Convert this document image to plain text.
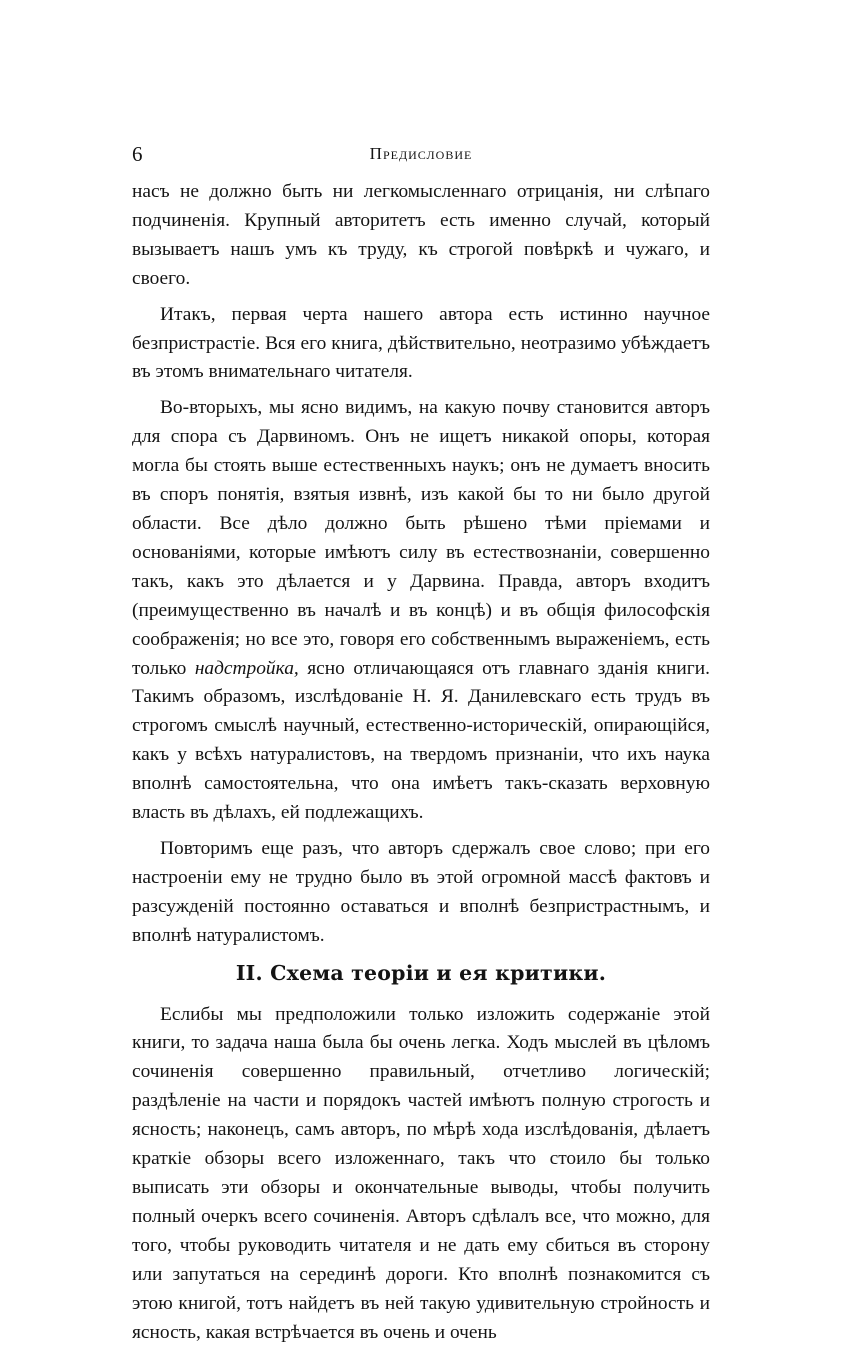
6	Предисловие

насъ не должно быть ни легкомысленнаго отрицанія, ни слѣпаго подчиненія. Крупный авторитетъ есть именно случай, который вызываетъ нашъ умъ къ труду, къ строгой повѣркѣ и чужаго, и своего.

Итакъ, первая черта нашего автора есть истинно научное безпристрастіе. Вся его книга, дѣйствительно, неотразимо убѣждаетъ въ этомъ внимательнаго читателя.

Во-вторыхъ, мы ясно видимъ, на какую почву становится авторъ для спора съ Дарвиномъ. Онъ не ищетъ никакой опоры, которая могла бы стоять выше естественныхъ наукъ; онъ не думаетъ вносить въ споръ понятія, взятыя извнѣ, изъ какой бы то ни было другой области. Все дѣло должно быть рѣшено тѣми пріемами и основаніями, которые имѣютъ силу въ естествознаніи, совершенно такъ, какъ это дѣлается и у Дарвина. Правда, авторъ входитъ (преимущественно въ началѣ и въ концѣ) и въ общія философскія соображенія; но все это, говоря его собственнымъ выраженіемъ, есть только надстройка, ясно отличающаяся отъ главнаго зданія книги. Такимъ образомъ, изслѣдованіе Н. Я. Данилевскаго есть трудъ въ строгомъ смыслѣ научный, естественно-историческій, опирающійся, какъ у всѣхъ натуралистовъ, на твердомъ признаніи, что ихъ наука вполнѣ самостоятельна, что она имѣетъ такъ-сказать верховную власть въ дѣлахъ, ей подлежащихъ.

Повторимъ еще разъ, что авторъ сдержалъ свое слово; при его настроеніи ему не трудно было въ этой огромной массѣ фактовъ и разсужденій постоянно оставаться и вполнѣ безпристрастнымъ, и вполнѣ натуралистомъ.

II. Схема теоріи и ея критики.

Еслибы мы предположили только изложить содержаніе этой книги, то задача наша была бы очень легка. Ходъ мыслей въ цѣломъ сочиненія совершенно правильный, отчетливо логическій; раздѣленіе на части и порядокъ частей имѣютъ полную строгость и ясность; наконецъ, самъ авторъ, по мѣрѣ хода изслѣдованія, дѣлаетъ краткіе обзоры всего изложеннаго, такъ что стоило бы только выписать эти обзоры и окончательные выводы, чтобы получить полный очеркъ всего сочиненія. Авторъ сдѣлалъ все, что можно, для того, чтобы руководить читателя и не дать ему сбиться въ сторону или запутаться на серединѣ дороги. Кто вполнѣ познакомится съ этою книгой, тотъ найдетъ въ ней такую удивительную стройность и ясность, какая встрѣчается въ очень и очень
